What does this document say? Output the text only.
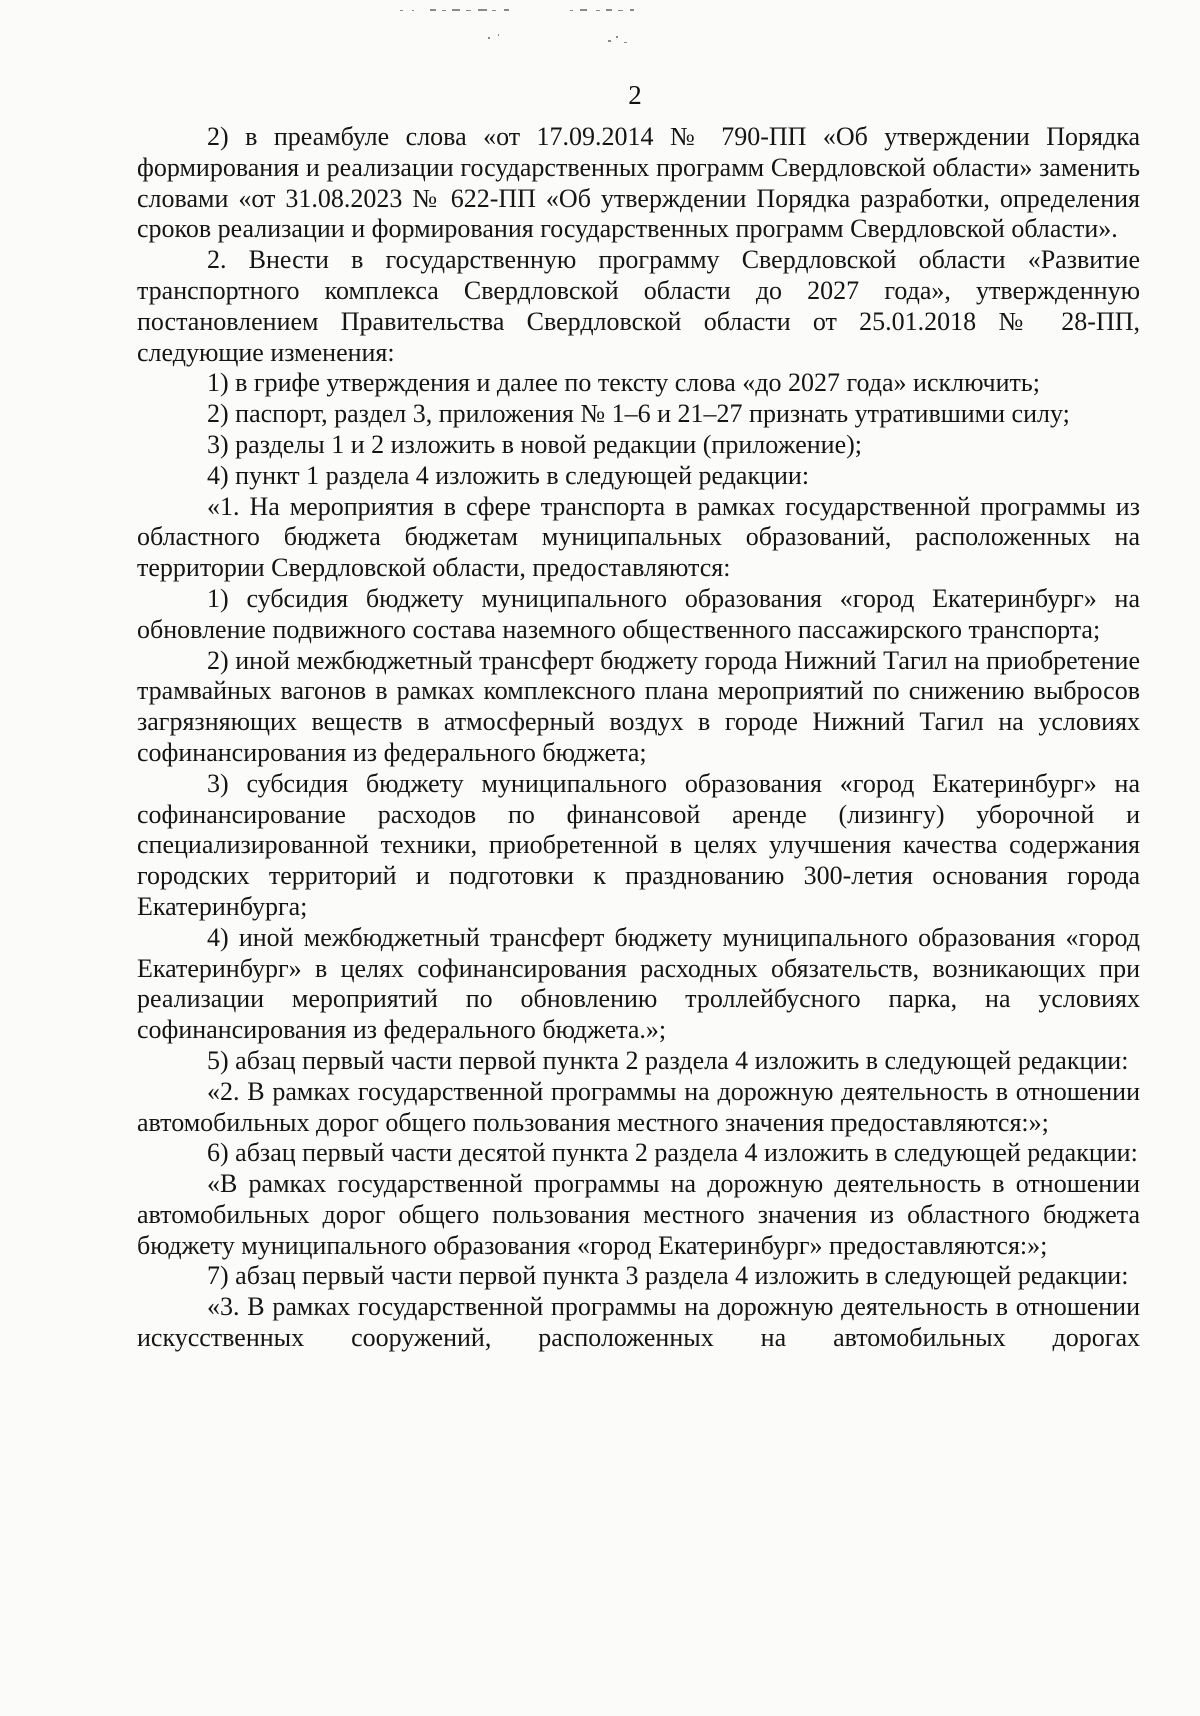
2

2) в преамбуле слова «от 17.09.2014 № 790-ПП «Об утверждении Порядка формирования и реализации государственных программ Свердловской области» заменить словами «от 31.08.2023 № 622-ПП «Об утверждении Порядка разработки, определения сроков реализации и формирования государственных программ Свердловской области».

2. Внести в государственную программу Свердловской области «Развитие транспортного комплекса Свердловской области до 2027 года», утвержденную постановлением Правительства Свердловской области от 25.01.2018 № 28-ПП, следующие изменения:

1) в грифе утверждения и далее по тексту слова «до 2027 года» исключить;

2) паспорт, раздел 3, приложения № 1–6 и 21–27 признать утратившими силу;

3) разделы 1 и 2 изложить в новой редакции (приложение);

4) пункт 1 раздела 4 изложить в следующей редакции:

«1. На мероприятия в сфере транспорта в рамках государственной программы из областного бюджета бюджетам муниципальных образований, расположенных на территории Свердловской области, предоставляются:

1) субсидия бюджету муниципального образования «город Екатеринбург» на обновление подвижного состава наземного общественного пассажирского транспорта;

2) иной межбюджетный трансферт бюджету города Нижний Тагил на приобретение трамвайных вагонов в рамках комплексного плана мероприятий по снижению выбросов загрязняющих веществ в атмосферный воздух в городе Нижний Тагил на условиях софинансирования из федерального бюджета;

3) субсидия бюджету муниципального образования «город Екатеринбург» на софинансирование расходов по финансовой аренде (лизингу) уборочной и специализированной техники, приобретенной в целях улучшения качества содержания городских территорий и подготовки к празднованию 300-летия основания города Екатеринбурга;

4) иной межбюджетный трансферт бюджету муниципального образования «город Екатеринбург» в целях софинансирования расходных обязательств, возникающих при реализации мероприятий по обновлению троллейбусного парка, на условиях софинансирования из федерального бюджета.»;

5) абзац первый части первой пункта 2 раздела 4 изложить в следующей редакции:

«2. В рамках государственной программы на дорожную деятельность в отношении автомобильных дорог общего пользования местного значения предоставляются:»;

6) абзац первый части десятой пункта 2 раздела 4 изложить в следующей редакции:

«В рамках государственной программы на дорожную деятельность в отношении автомобильных дорог общего пользования местного значения из областного бюджета бюджету муниципального образования «город Екатеринбург» предоставляются:»;

7) абзац первый части первой пункта 3 раздела 4 изложить в следующей редакции:

«3. В рамках государственной программы на дорожную деятельность в отношении искусственных сооружений, расположенных на автомобильных дорогах
